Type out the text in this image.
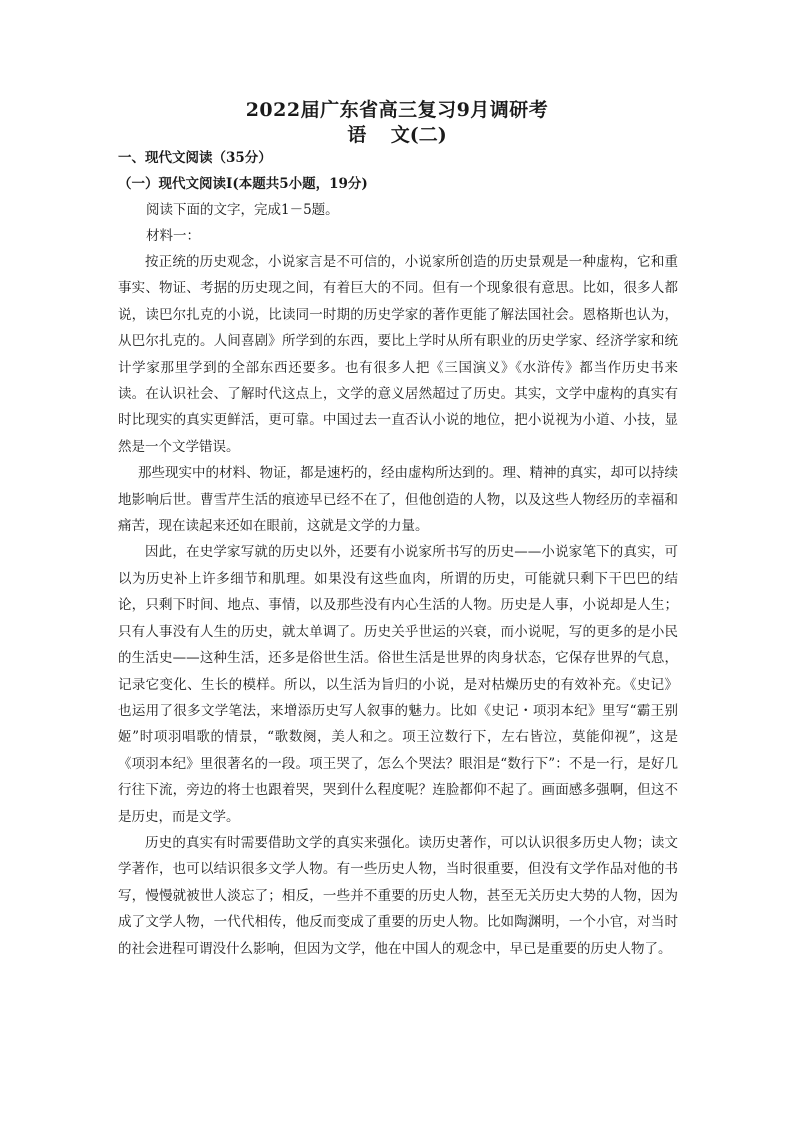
2022届广东省高三复习9月调研考
语 文(二)
一、现代文阅读（35分）
（一）现代文阅读I(本题共5小题，19分)
阅读下面的文字，完成1－5题。
材料一：

按正统的历史观念，小说家言是不可信的，小说家所创造的历史景观是一种虚构，它和重事实、物证、考据的历史现之间，有着巨大的不同。但有一个现象很有意思。比如，很多人都说，读巴尔扎克的小说，比读同一时期的历史学家的著作更能了解法国社会。恩格斯也认为，从巴尔扎克的。人间喜剧》所学到的东西，要比上学时从所有职业的历史学家、经济学家和统计学家那里学到的全部东西还要多。也有很多人把《三国演义》《水浒传》都当作历史书来读。在认识社会、了解时代这点上，文学的意义居然超过了历史。其实，文学中虚构的真实有时比现实的真实更鲜活，更可靠。中国过去一直否认小说的地位，把小说视为小道、小技，显然是一个文学错误。

那些现实中的材料、物证，都是速朽的，经由虚构所达到的。理、精神的真实，却可以持续地影响后世。曹雪芹生活的痕迹早已经不在了，但他创造的人物，以及这些人物经历的幸福和痛苦，现在读起来还如在眼前，这就是文学的力量。

因此，在史学家写就的历史以外，还要有小说家所书写的历史——小说家笔下的真实，可以为历史补上许多细节和肌理。如果没有这些血肉，所谓的历史，可能就只剩下干巴巴的结论，只剩下时间、地点、事情，以及那些没有内心生活的人物。历史是人事，小说却是人生；只有人事没有人生的历史，就太单调了。历史关乎世运的兴衰，而小说呢，写的更多的是小民的生活史——这种生活，还多是俗世生活。俗世生活是世界的肉身状态，它保存世界的气息，记录它变化、生长的模样。所以，以生活为旨归的小说，是对枯燥历史的有效补充。《史记》也运用了很多文学笔法，来增添历史写人叙事的魅力。比如《史记・项羽本纪》里写“霸王别姬”时项羽唱歌的情景，“歌数阕，美人和之。项王泣数行下，左右皆泣，莫能仰视”，这是《项羽本纪》里很著名的一段。项王哭了，怎么个哭法？眼泪是“数行下”：不是一行，是好几行往下流，旁边的将士也跟着哭，哭到什么程度呢？连脸都仰不起了。画面感多强啊，但这不是历史，而是文学。

历史的真实有时需要借助文学的真实来强化。读历史著作，可以认识很多历史人物；读文学著作，也可以结识很多文学人物。有一些历史人物，当时很重要，但没有文学作品对他的书写，慢慢就被世人淡忘了；相反，一些并不重要的历史人物，甚至无关历史大势的人物，因为成了文学人物，一代代相传，他反而变成了重要的历史人物。比如陶渊明，一个小官，对当时的社会进程可谓没什么影响，但因为文学，他在中国人的观念中，早已是重要的历史人物了。
